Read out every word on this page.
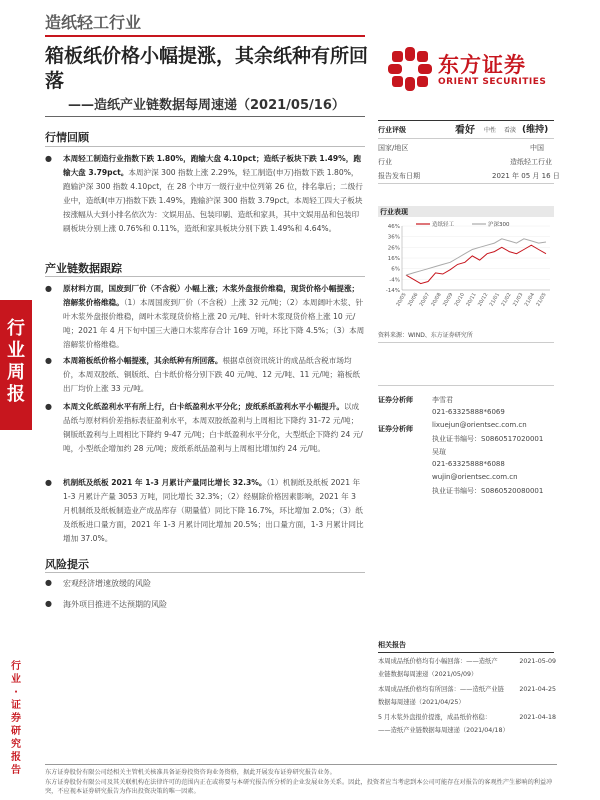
造纸轻工行业
箱板纸价格小幅提涨，其余纸种有所回
落
——造纸产业链数据每周速递（2021/05/16）
东方证券
ORIENT SECURITIES
行情回顾
● 本周轻工制造行业指数下跌 1.80%，跑输大盘 4.10pct；造纸子板块下跌 1.49%，跑输大盘 3.79pct。本周沪深 300 指数上涨 2.29%，轻工制造(申万)指数下跌 1.80%，跑输沪深 300 指数 4.10pct，在 28 个申万一级行业中位列第 26 位，排名靠后；二级行业中，造纸Ⅱ(申万)指数下跌 1.49%，跑输沪深 300 指数 3.79pct。本周轻工四大子板块按涨幅从大到小排名依次为：文娱用品、包装印刷、造纸和家具，其中文娱用品和包装印刷板块分别上涨 0.76%和 0.11%，造纸和家具板块分别下跌 1.49%和 4.64%。
产业链数据跟踪
● 原材料方面，国废到厂价（不含税）小幅上涨；木浆外盘报价维稳，现货价格小幅提涨；溶解浆价格维稳。（1）本周国废到厂价（不含税）上涨 32 元/吨；（2）本周阔叶木浆、针叶木浆外盘报价维稳，阔叶木浆现货价格上涨 20 元/吨、针叶木浆现货价格上涨 10 元/吨；2021 年 4 月下旬中国三大港口木浆库存合计 169 万吨，环比下降 4.5%；（3）本周溶解浆价格维稳。
● 本周箱板纸价格小幅提涨，其余纸种有所回落。根据卓创资讯统计的成品纸含税市场均价，本周双胶纸、铜版纸、白卡纸价格分别下跌 40 元/吨、12 元/吨、11 元/吨；箱板纸出厂均价上涨 33 元/吨。
● 本周文化纸盈利水平有所上行，白卡纸盈利水平分化；废纸系纸盈利水平小幅提升。以成品纸与原材料价差指标表征盈利水平，本周双胶纸盈利与上周相比下降约 31-72 元/吨；铜版纸盈利与上周相比下降约 9-47 元/吨；白卡纸盈利水平分化，大型纸企下降约 24 元/吨，小型纸企增加约 28 元/吨；废纸系纸品盈利与上周相比增加约 24 元/吨。
● 机制纸及纸板 2021 年 1-3 月累计产量同比增长 32.3%。（1）机制纸及纸板 2021 年 1-3 月累计产量 3053 万吨，同比增长 32.3%；（2）经剔除价格因素影响，2021 年 3 月机制纸及纸板制造业产成品库存（期量值）同比下降 16.7%，环比增加 2.0%；（3）纸及纸板进口量方面，2021 年 1-3 月累计同比增加 20.5%；出口量方面，1-3 月累计同比增加 37.0%。
风险提示
● 宏观经济增速放缓的风险
● 海外项目推进不达预期的风险
行
业
周
报
行
业
·
证
券
研
究
报
告
行业评级	看好 中性 看淡 (维持)
国家/地区	中国
行业	造纸轻工行业
报告发布日期	2021 年 05 月 16 日
行业表现
46%
36%
26%
16%
6%
-4%
-14%
20/05 20/06 20/07 20/08 20/09 20/10 20/11 20/12 21/01 21/02 21/03 21/04 21/05
造纸轻工	沪深300
资料来源：WIND、东方证券研究所
证券分析师	李雪君
021-63325888*6069
lixuejun@orientsec.com.cn
执业证书编号：S0860517020001
证券分析师
吴瑄
021-63325888*6088
wujin@orientsec.com.cn
执业证书编号：S0860520080001
相关报告
本周成品纸价格均有小幅回落：——造纸产
业链数据每周速递（2021/05/09）
2021-05-09
本周成品纸价格均有所回落：——造纸产业链
数据每周速递（2021/04/25）
2021-04-25
5 月木浆外盘报价提涨，成品纸价格稳：
——造纸产业链数据每周速递（2021/04/18）
2021-04-18
东方证券股份有限公司经相关主管机关核准具备证券投资咨询业务资格，据此开展发布证券研究报告业务。
东方证券股份有限公司及其关联机构在法律许可的范围内正在或将要与本研究报告所分析的企业发展业务关系。因此，投资者应当考虑到本公司可能存在对报告的客观性产生影响的利益冲突，不应视本证券研究报告为作出投资决策的唯一因素。
